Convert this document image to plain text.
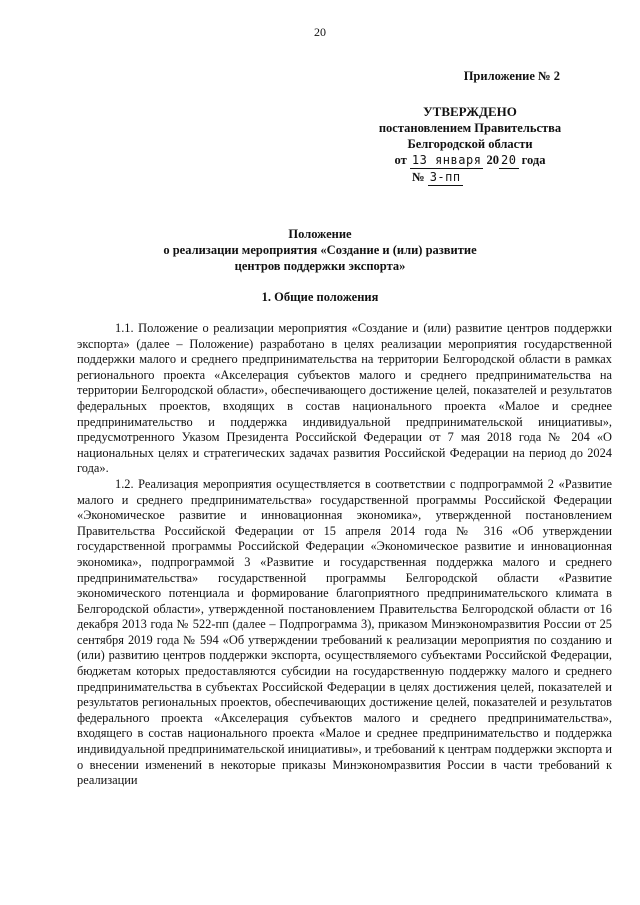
20
Приложение № 2
УТВЕРЖДЕНО
постановлением Правительства
Белгородской области
от 13 января 20 20 года
№ 3-пп
Положение
о реализации мероприятия «Создание и (или) развитие
центров поддержки экспорта»
1. Общие положения

1.1. Положение о реализации мероприятия «Создание и (или) развитие центров поддержки экспорта» (далее – Положение) разработано в целях реализации мероприятия государственной поддержки малого и среднего предпринимательства на территории Белгородской области в рамках регионального проекта «Акселерация субъектов малого и среднего предпринимательства на территории Белгородской области», обеспечивающего достижение целей, показателей и результатов федеральных проектов, входящих в состав национального проекта «Малое и среднее предпринимательство и поддержка индивидуальной предпринимательской инициативы», предусмотренного Указом Президента Российской Федерации от 7 мая 2018 года № 204 «О национальных целях и стратегических задачах развития Российской Федерации на период до 2024 года».

1.2. Реализация мероприятия осуществляется в соответствии с подпрограммой 2 «Развитие малого и среднего предпринимательства» государственной программы Российской Федерации «Экономическое развитие и инновационная экономика», утвержденной постановлением Правительства Российской Федерации от 15 апреля 2014 года № 316 «Об утверждении государственной программы Российской Федерации «Экономическое развитие и инновационная экономика», подпрограммой 3 «Развитие и государственная поддержка малого и среднего предпринимательства» государственной программы Белгородской области «Развитие экономического потенциала и формирование благоприятного предпринимательского климата в Белгородской области», утвержденной постановлением Правительства Белгородской области от 16 декабря 2013 года № 522-пп (далее – Подпрограмма 3), приказом Минэкономразвития России от 25 сентября 2019 года № 594 «Об утверждении требований к реализации мероприятия по созданию и (или) развитию центров поддержки экспорта, осуществляемого субъектами Российской Федерации, бюджетам которых предоставляются субсидии на государственную поддержку малого и среднего предпринимательства в субъектах Российской Федерации в целях достижения целей, показателей и результатов региональных проектов, обеспечивающих достижение целей, показателей и результатов федерального проекта «Акселерация субъектов малого и среднего предпринимательства», входящего в состав национального проекта «Малое и среднее предпринимательство и поддержка индивидуальной предпринимательской инициативы», и требований к центрам поддержки экспорта и о внесении изменений в некоторые приказы Минэкономразвития России в части требований к реализации
